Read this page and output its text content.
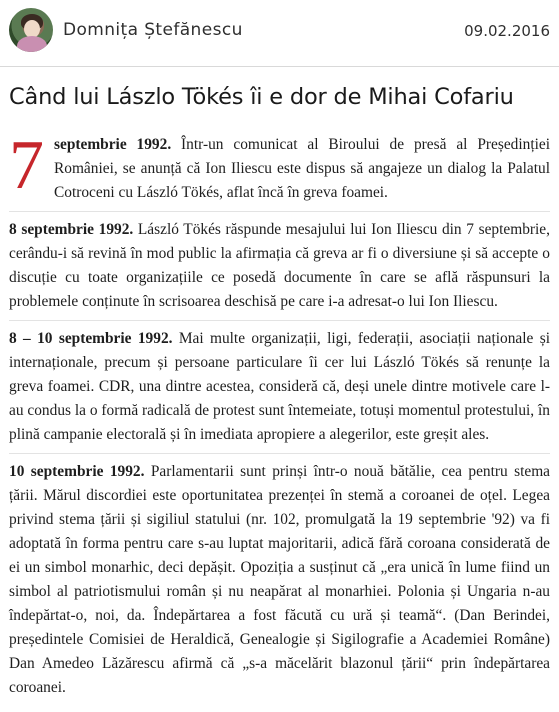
Domnița Ștefănescu	09.02.2016
Când lui Lászlo Tökés îi e dor de Mihai Cofariu

7 septembrie 1992. Într-un comunicat al Biroului de presă al Președinției României, se anunță că Ion Iliescu este dispus să angajeze un dialog la Palatul Cotroceni cu László Tökés, aflat încă în greva foamei.

8 septembrie 1992. László Tökés răspunde mesajului lui Ion Iliescu din 7 septembrie, cerându-i să revină în mod public la afirmația că greva ar fi o diversiune și să accepte o discuție cu toate organizațiile ce posedă documente în care se află răspunsuri la problemele conținute în scrisoarea deschisă pe care i-a adresat-o lui Ion Iliescu.

8 – 10 septembrie 1992. Mai multe organizații, ligi, federații, asociații naționale și internaționale, precum și persoane particulare îi cer lui László Tökés să renunțe la greva foamei. CDR, una dintre acestea, consideră că, deși unele dintre motivele care l-au condus la o formă radicală de protest sunt întemeiate, totuși momentul protestului, în plină campanie electorală și în imediata apropiere a alegerilor, este greșit ales.

10 septembrie 1992. Parlamentarii sunt prinși într-o nouă bătălie, cea pentru stema țării. Mărul discordiei este oportunitatea prezenței în stemă a coroanei de oțel. Legea privind stema țării și sigiliul statului (nr. 102, promulgată la 19 septembrie '92) va fi adoptată în forma pentru care s-au luptat majoritarii, adică fără coroana considerată de ei un simbol monarhic, deci depășit. Opoziția a susținut că „era unică în lume fiind un simbol al patriotismului român și nu neapărat al monarhiei. Polonia și Ungaria n-au îndepărtat-o, noi, da. Îndepărtarea a fost făcută cu ură și teamă“. (Dan Berindei, președintele Comisiei de Heraldică, Genealogie și Sigilografie a Academiei Române) Dan Amedeo Lăzărescu afirmă că „s-a măcelărit blazonul țării“ prin îndepărtarea coroanei.
